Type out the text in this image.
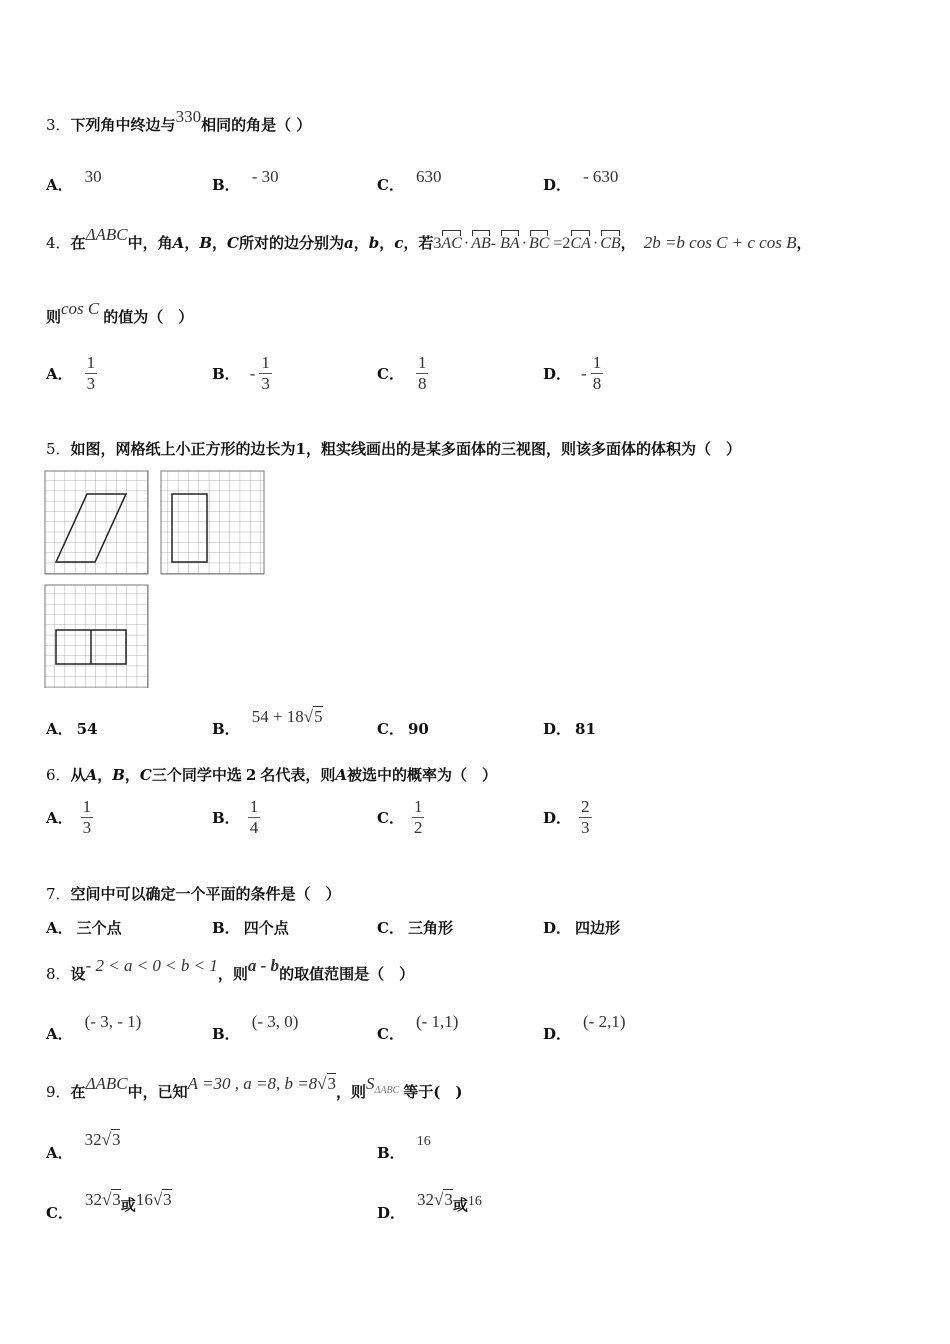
3．下列角中终边与330相同的角是（ ）
A． 30	B． - 30	C． 630	D． - 630
4．在ΔABC中，角A，B，C所对的边分别为a，b，c，若3AC · AB- BA · BC =2CA · CB， 2b =b cos C + c cos B，
则cos C 的值为（　）
A． $\frac{1}{3}$	B． - $\frac{1}{3}$	C． $\frac{1}{8}$	D． - $\frac{1}{8}$
5．如图，网格纸上小正方形的边长为1，粗实线画出的是某多面体的三视图，则该多面体的体积为（　）
A． 54	B．54 + 18√5
C． 90	D． 81
6．从A，B，C三个同学中选 2 名代表，则A被选中的概率为（　）
A． $\frac{1}{3}$	B． $\frac{1}{4}$	C． $\frac{1}{2}$	D． $\frac{2}{3}$
7．空间中可以确定一个平面的条件是（　）
A． 三个点	B． 四个点	C． 三角形	D． 四边形
8．设- 2 < a < 0 < b < 1，则a - b的取值范围是（　）
A．(- 3, - 1)
B．(- 3, 0)
C．(- 1,1)
D．(- 2,1)
9．在ΔABC中，已知A =30 , a =8, b =8√3，则$S^{\Delta ABC}$ 等于(　)
A．32√3
B．16
C．32√3或16√3
D．32√3或16
